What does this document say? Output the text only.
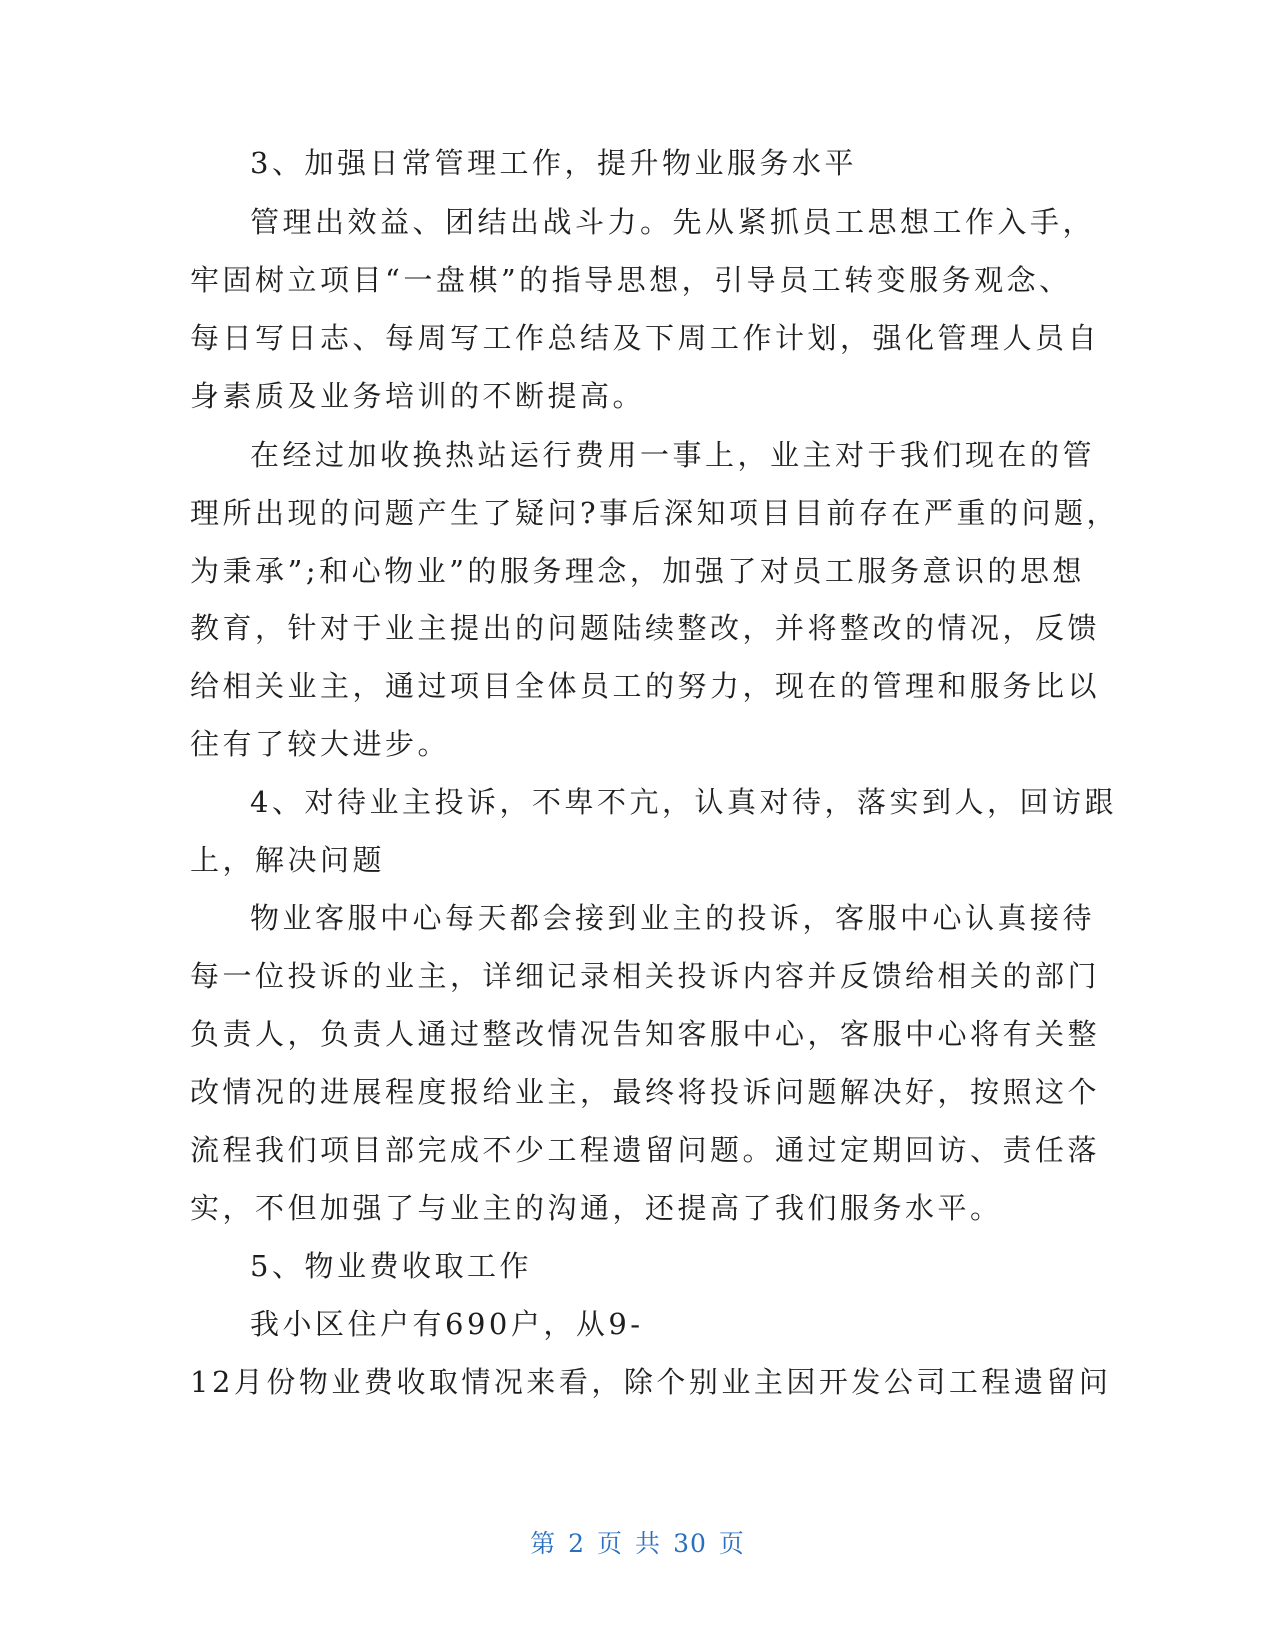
3、加强日常管理工作，提升物业服务水平
管理出效益、团结出战斗力。先从紧抓员工思想工作入手，
牢固树立项目“一盘棋”的指导思想，引导员工转变服务观念、
每日写日志、每周写工作总结及下周工作计划，强化管理人员自
身素质及业务培训的不断提高。
在经过加收换热站运行费用一事上，业主对于我们现在的管
理所出现的问题产生了疑问?事后深知项目目前存在严重的问题，
为秉承”;和心物业”的服务理念，加强了对员工服务意识的思想
教育，针对于业主提出的问题陆续整改，并将整改的情况，反馈
给相关业主，通过项目全体员工的努力，现在的管理和服务比以
往有了较大进步。
4、对待业主投诉，不卑不亢，认真对待，落实到人，回访跟
上，解决问题
物业客服中心每天都会接到业主的投诉，客服中心认真接待
每一位投诉的业主，详细记录相关投诉内容并反馈给相关的部门
负责人，负责人通过整改情况告知客服中心，客服中心将有关整
改情况的进展程度报给业主，最终将投诉问题解决好，按照这个
流程我们项目部完成不少工程遗留问题。通过定期回访、责任落
实，不但加强了与业主的沟通，还提高了我们服务水平。
5、物业费收取工作
我小区住户有690户，从9-
12月份物业费收取情况来看，除个别业主因开发公司工程遗留问
第 2 页 共 30 页
